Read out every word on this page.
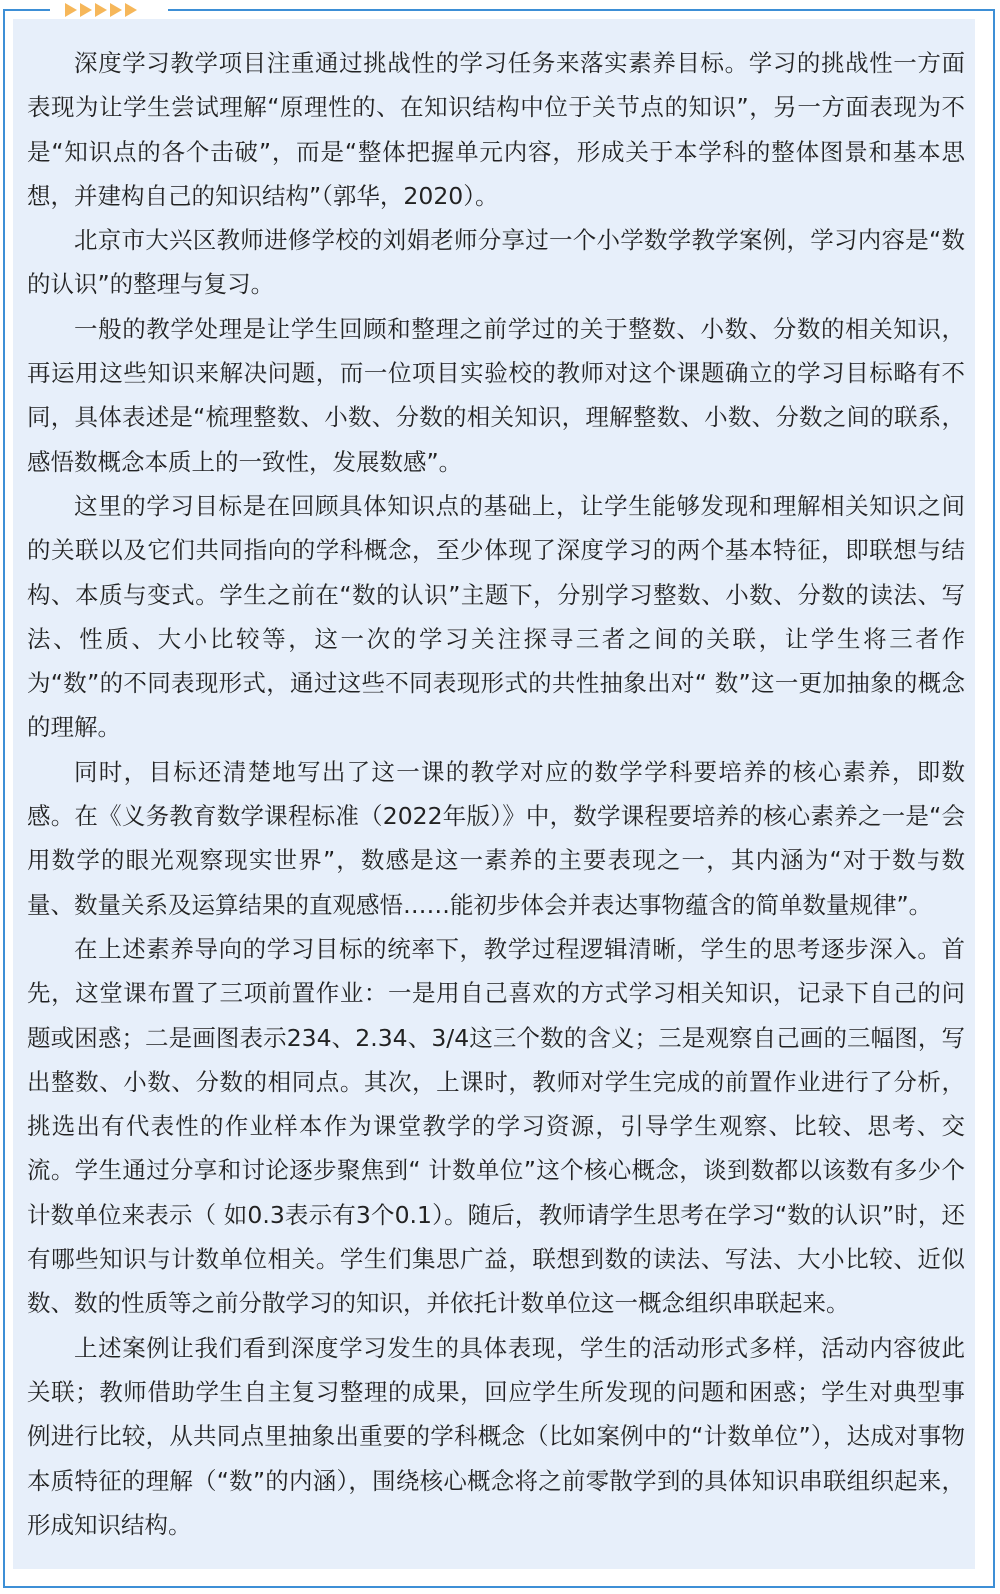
深度学习教学项目注重通过挑战性的学习任务来落实素养目标。学习的挑战性一方面表现为让学生尝试理解“原理性的、在知识结构中位于关节点的知识”，另一方面表现为不是“知识点的各个击破”，而是“整体把握单元内容，形成关于本学科的整体图景和基本思想，并建构自己的知识结构”（郭华，2020）。

北京市大兴区教师进修学校的刘娟老师分享过一个小学数学教学案例，学习内容是“数的认识”的整理与复习。

一般的教学处理是让学生回顾和整理之前学过的关于整数、小数、分数的相关知识，再运用这些知识来解决问题，而一位项目实验校的教师对这个课题确立的学习目标略有不同，具体表述是“梳理整数、小数、分数的相关知识，理解整数、小数、分数之间的联系，感悟数概念本质上的一致性，发展数感”。

这里的学习目标是在回顾具体知识点的基础上，让学生能够发现和理解相关知识之间的关联以及它们共同指向的学科概念，至少体现了深度学习的两个基本特征，即联想与结构、本质与变式。学生之前在“数的认识”主题下，分别学习整数、小数、分数的读法、写法、性质、大小比较等，这一次的学习关注探寻三者之间的关联，让学生将三者作为“数”的不同表现形式，通过这些不同表现形式的共性抽象出对“ 数”这一更加抽象的概念的理解。

同时，目标还清楚地写出了这一课的教学对应的数学学科要培养的核心素养，即数感。在《义务教育数学课程标准（2022年版）》中，数学课程要培养的核心素养之一是“会用数学的眼光观察现实世界”，数感是这一素养的主要表现之一，其内涵为“对于数与数量、数量关系及运算结果的直观感悟……能初步体会并表达事物蕴含的简单数量规律”。

在上述素养导向的学习目标的统率下，教学过程逻辑清晰，学生的思考逐步深入。首先，这堂课布置了三项前置作业：一是用自己喜欢的方式学习相关知识，记录下自己的问题或困惑；二是画图表示234、2.34、3/4这三个数的含义；三是观察自己画的三幅图，写出整数、小数、分数的相同点。其次，上课时，教师对学生完成的前置作业进行了分析，挑选出有代表性的作业样本作为课堂教学的学习资源，引导学生观察、比较、思考、交流。学生通过分享和讨论逐步聚焦到“ 计数单位”这个核心概念，谈到数都以该数有多少个计数单位来表示（ 如0.3表示有3个0.1）。随后，教师请学生思考在学习“数的认识”时，还有哪些知识与计数单位相关。学生们集思广益，联想到数的读法、写法、大小比较、近似数、数的性质等之前分散学习的知识，并依托计数单位这一概念组织串联起来。

上述案例让我们看到深度学习发生的具体表现，学生的活动形式多样，活动内容彼此关联；教师借助学生自主复习整理的成果，回应学生所发现的问题和困惑；学生对典型事例进行比较，从共同点里抽象出重要的学科概念（比如案例中的“计数单位”），达成对事物本质特征的理解（“数”的内涵），围绕核心概念将之前零散学到的具体知识串联组织起来，形成知识结构。
